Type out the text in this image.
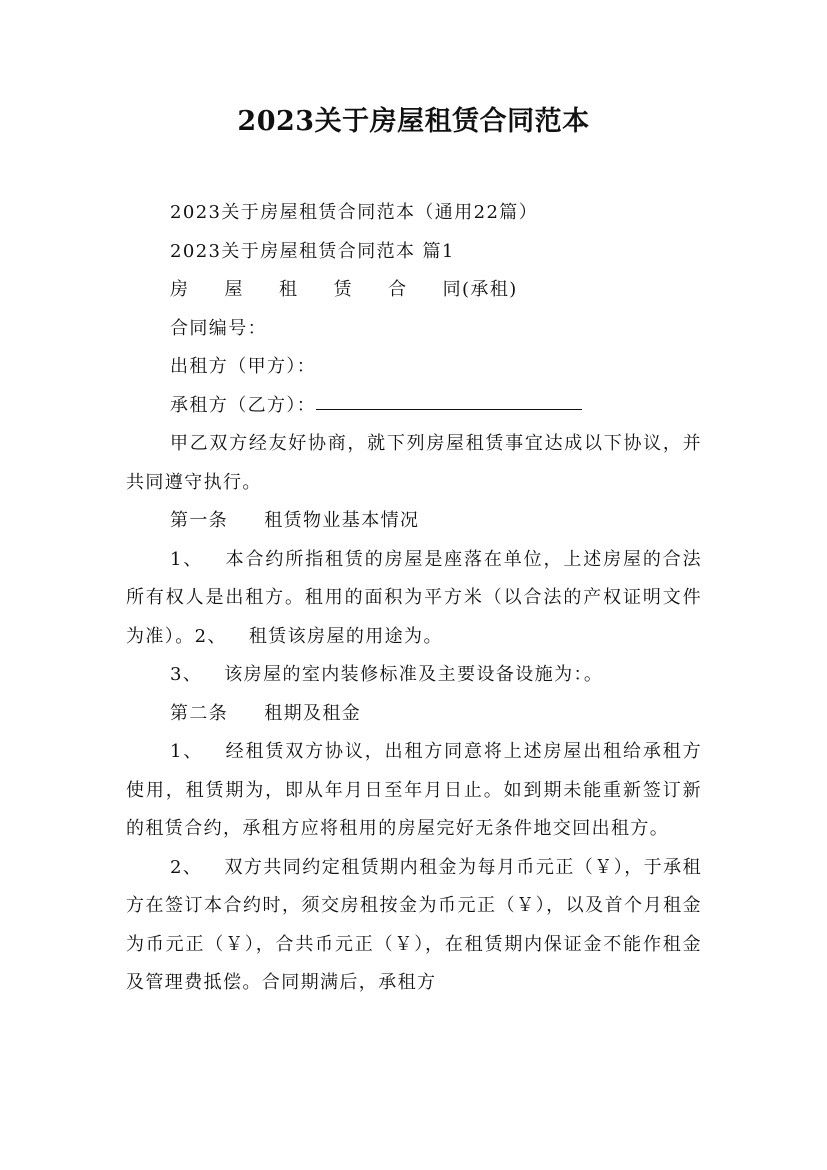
2023关于房屋租赁合同范本

2023关于房屋租赁合同范本（通用22篇）

2023关于房屋租赁合同范本 篇1

房 屋 租 赁 合 同(承租)

合同编号：

出租方（甲方）：

承租方（乙方）：

甲乙双方经友好协商，就下列房屋租赁事宜达成以下协议，并共同遵守执行。

第一条 租赁物业基本情况

1、 本合约所指租赁的房屋是座落在单位，上述房屋的合法所有权人是出租方。租用的面积为平方米（以合法的产权证明文件为准）。2、 租赁该房屋的用途为。

3、 该房屋的室内装修标准及主要设备设施为：。

第二条 租期及租金

1、 经租赁双方协议，出租方同意将上述房屋出租给承租方使用，租赁期为，即从年月日至年月日止。如到期未能重新签订新的租赁合约，承租方应将租用的房屋完好无条件地交回出租方。

2、 双方共同约定租赁期内租金为每月币元正（￥），于承租方在签订本合约时，须交房租按金为币元正（￥），以及首个月租金为币元正（￥），合共币元正（￥），在租赁期内保证金不能作租金及管理费抵偿。合同期满后，承租方
